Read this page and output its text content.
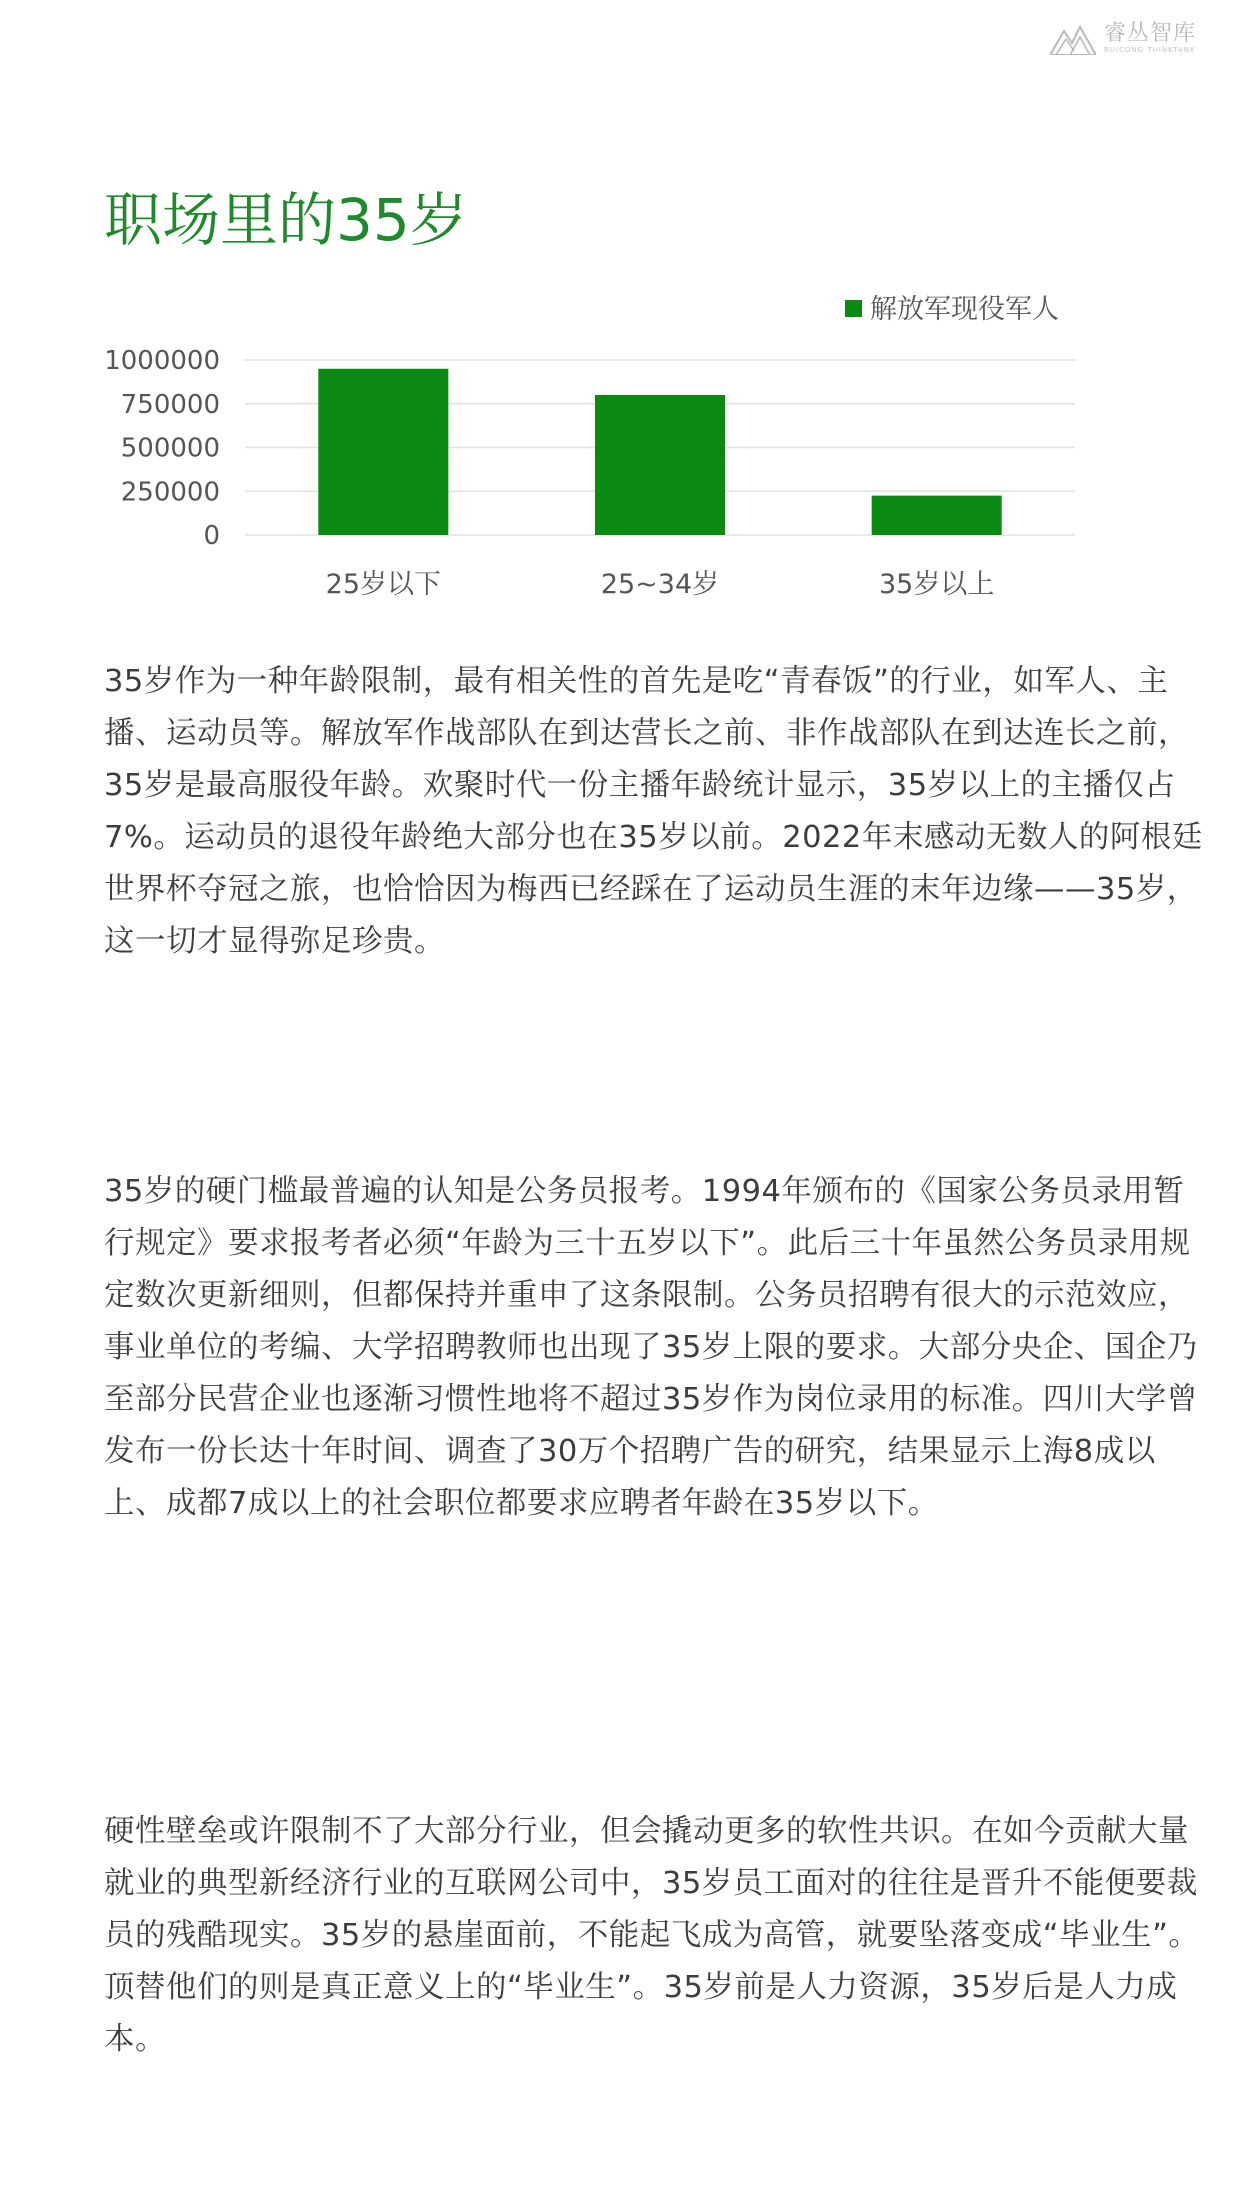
睿丛智库
RUICONG THINKTANK
职场里的35岁
0
250000
500000
750000
1000000
25岁以下	25~34岁	35岁以上
解放军现役军人

35岁作为一种年龄限制，最有相关性的首先是吃“青春饭”的行业，如军人、主播、运动员等。解放军作战部队在到达营长之前、非作战部队在到达连长之前，35岁是最高服役年龄。欢聚时代一份主播年龄统计显示，35岁以上的主播仅占7%。运动员的退役年龄绝大部分也在35岁以前。2022年末感动无数人的阿根廷世界杯夺冠之旅，也恰恰因为梅西已经踩在了运动员生涯的末年边缘——35岁，这一切才显得弥足珍贵。

35岁的硬门槛最普遍的认知是公务员报考。1994年颁布的《国家公务员录用暂行规定》要求报考者必须“年龄为三十五岁以下”。此后三十年虽然公务员录用规定数次更新细则，但都保持并重申了这条限制。公务员招聘有很大的示范效应，事业单位的考编、大学招聘教师也出现了35岁上限的要求。大部分央企、国企乃至部分民营企业也逐渐习惯性地将不超过35岁作为岗位录用的标准。四川大学曾发布一份长达十年时间、调查了30万个招聘广告的研究，结果显示上海8成以上、成都7成以上的社会职位都要求应聘者年龄在35岁以下。

硬性壁垒或许限制不了大部分行业，但会撬动更多的软性共识。在如今贡献大量就业的典型新经济行业的互联网公司中，35岁员工面对的往往是晋升不能便要裁员的残酷现实。35岁的悬崖面前，不能起飞成为高管，就要坠落变成“毕业生”。顶替他们的则是真正意义上的“毕业生”。35岁前是人力资源，35岁后是人力成本。
